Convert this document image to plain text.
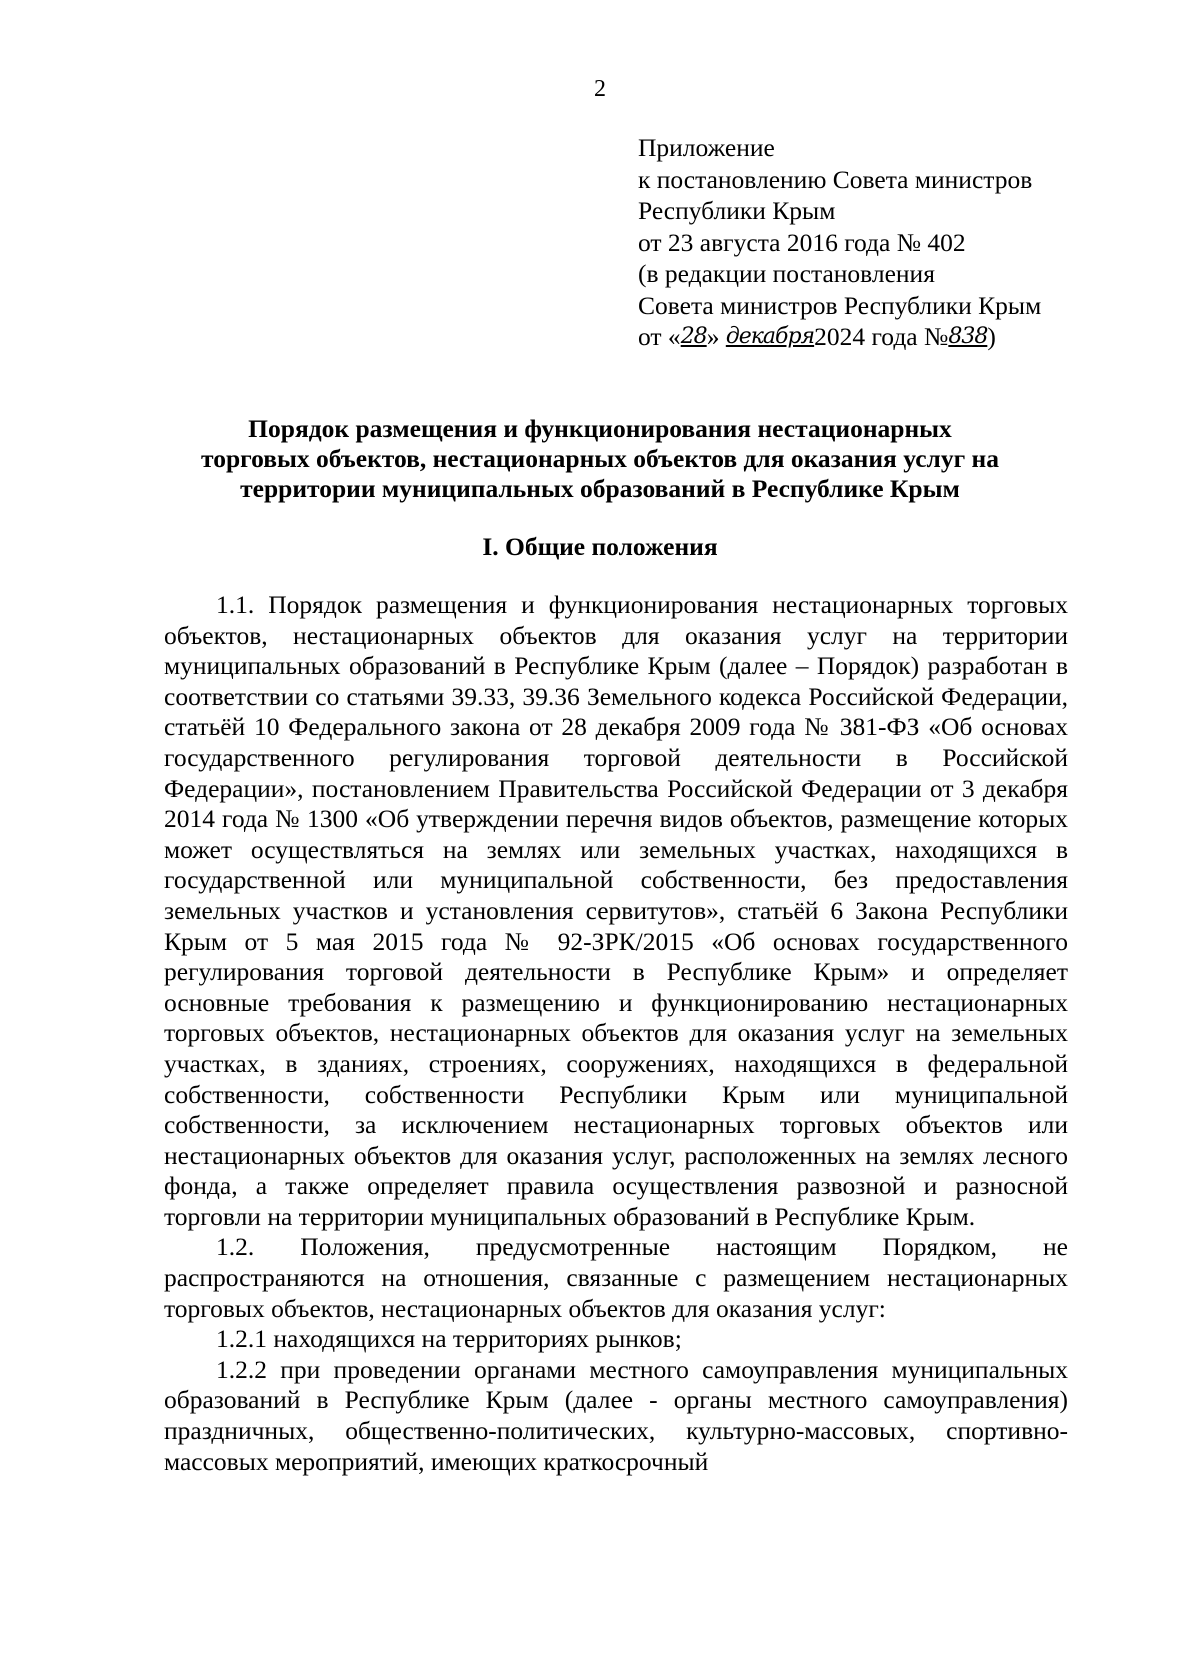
2
Приложение
к постановлению Совета министров
Республики Крым
от 23 августа 2016 года № 402
(в редакции постановления
Совета министров Республики Крым
от «28» декабря2024 года №838)
Порядок размещения и функционирования нестационарных
торговых объектов, нестационарных объектов для оказания услуг на
территории муниципальных образований в Республике Крым
I. Общие положения

1.1. Порядок размещения и функционирования нестационарных торговых объектов, нестационарных объектов для оказания услуг на территории муниципальных образований в Республике Крым (далее – Порядок) разработан в соответствии со статьями 39.33, 39.36 Земельного кодекса Российской Федерации, статьёй 10 Федерального закона от 28 декабря 2009 года № 381-ФЗ «Об основах государственного регулирования торговой деятельности в Российской Федерации», постановлением Правительства Российской Федерации от 3 декабря 2014 года № 1300 «Об утверждении перечня видов объектов, размещение которых может осуществляться на землях или земельных участках, находящихся в государственной или муниципальной собственности, без предоставления земельных участков и установления сервитутов», статьёй 6 Закона Республики Крым от 5 мая 2015 года № 92-ЗРК/2015 «Об основах государственного регулирования торговой деятельности в Республике Крым» и определяет основные требования к размещению и функционированию нестационарных торговых объектов, нестационарных объектов для оказания услуг на земельных участках, в зданиях, строениях, сооружениях, находящихся в федеральной собственности, собственности Республики Крым или муниципальной собственности, за исключением нестационарных торговых объектов или нестационарных объектов для оказания услуг, расположенных на землях лесного фонда, а также определяет правила осуществления развозной и разносной торговли на территории муниципальных образований в Республике Крым.

1.2. Положения, предусмотренные настоящим Порядком, не распространяются на отношения, связанные с размещением нестационарных торговых объектов, нестационарных объектов для оказания услуг:

1.2.1 находящихся на территориях рынков;

1.2.2 при проведении органами местного самоуправления муниципальных образований в Республике Крым (далее - органы местного самоуправления) праздничных, общественно-политических, культурно-массовых, спортивно-массовых мероприятий, имеющих краткосрочный
